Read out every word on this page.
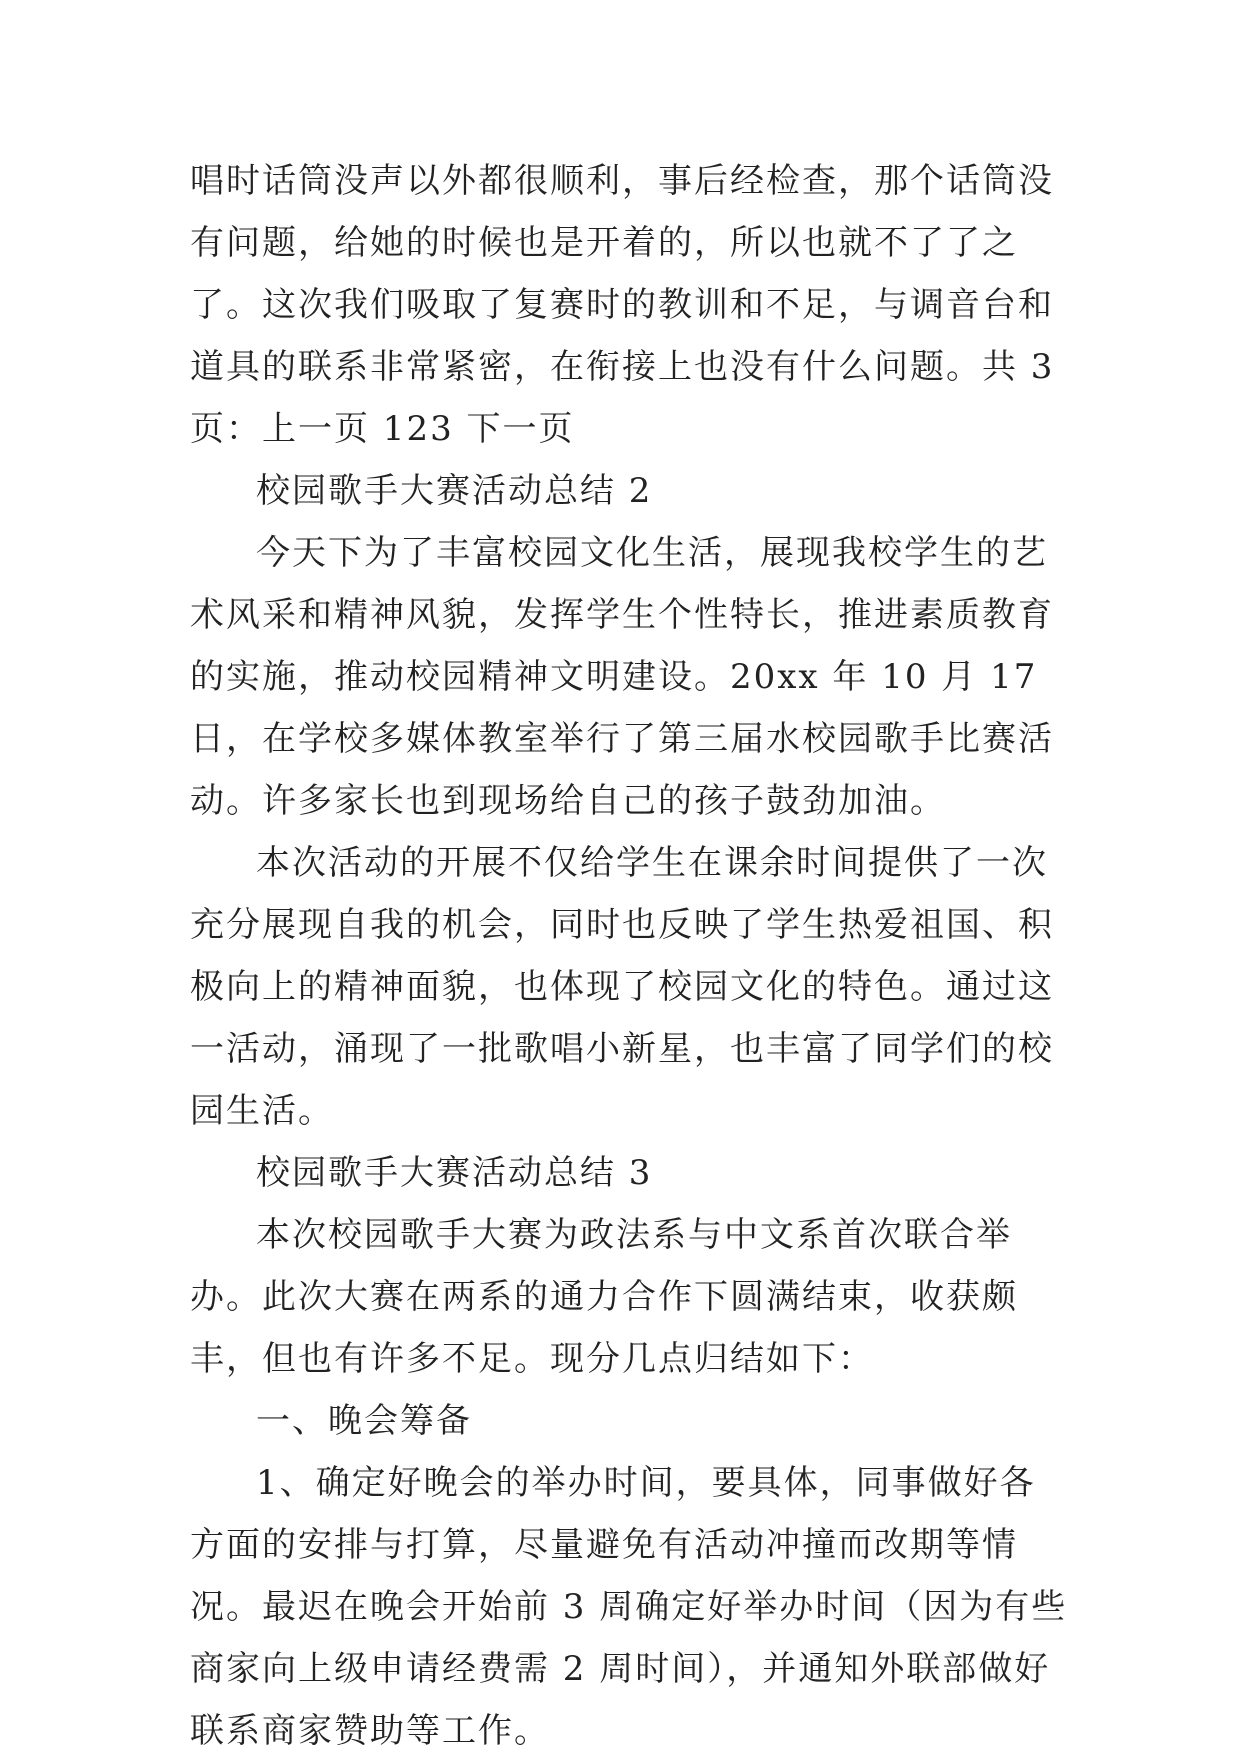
唱时话筒没声以外都很顺利，事后经检查，那个话筒没有问题，给她的时候也是开着的，所以也就不了了之了。这次我们吸取了复赛时的教训和不足，与调音台和道具的联系非常紧密，在衔接上也没有什么问题。共 3 页：上一页 123 下一页

校园歌手大赛活动总结 2

今天下为了丰富校园文化生活，展现我校学生的艺术风采和精神风貌，发挥学生个性特长，推进素质教育的实施，推动校园精神文明建设。20xx 年 10 月 17 日，在学校多媒体教室举行了第三届水校园歌手比赛活动。许多家长也到现场给自己的孩子鼓劲加油。

本次活动的开展不仅给学生在课余时间提供了一次充分展现自我的机会，同时也反映了学生热爱祖国、积极向上的精神面貌，也体现了校园文化的特色。通过这一活动，涌现了一批歌唱小新星，也丰富了同学们的校园生活。

校园歌手大赛活动总结 3

本次校园歌手大赛为政法系与中文系首次联合举办。此次大赛在两系的通力合作下圆满结束，收获颇丰，但也有许多不足。现分几点归结如下：

一、晚会筹备

1、确定好晚会的举办时间，要具体，同事做好各方面的安排与打算，尽量避免有活动冲撞而改期等情况。最迟在晚会开始前 3 周确定好举办时间（因为有些商家向上级申请经费需 2 周时间），并通知外联部做好联系商家赞助等工作。
